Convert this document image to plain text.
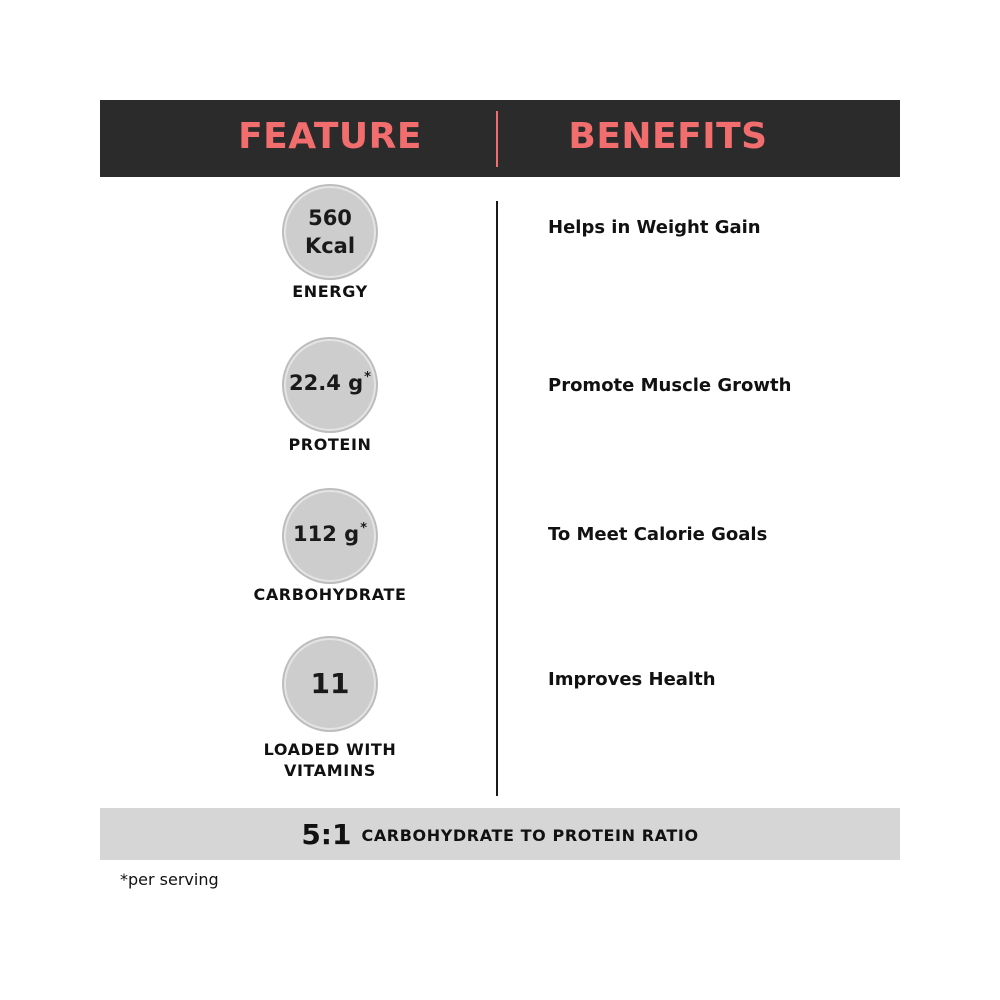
FEATURE	BENEFITS
560
Kcal
ENERGY
Helps in Weight Gain
22.4 g*
PROTEIN
Promote Muscle Growth
112 g*
CARBOHYDRATE
To Meet Calorie Goals
11
LOADED WITH
VITAMINS
Improves Health
5:1 CARBOHYDRATE TO PROTEIN RATIO
*per serving
